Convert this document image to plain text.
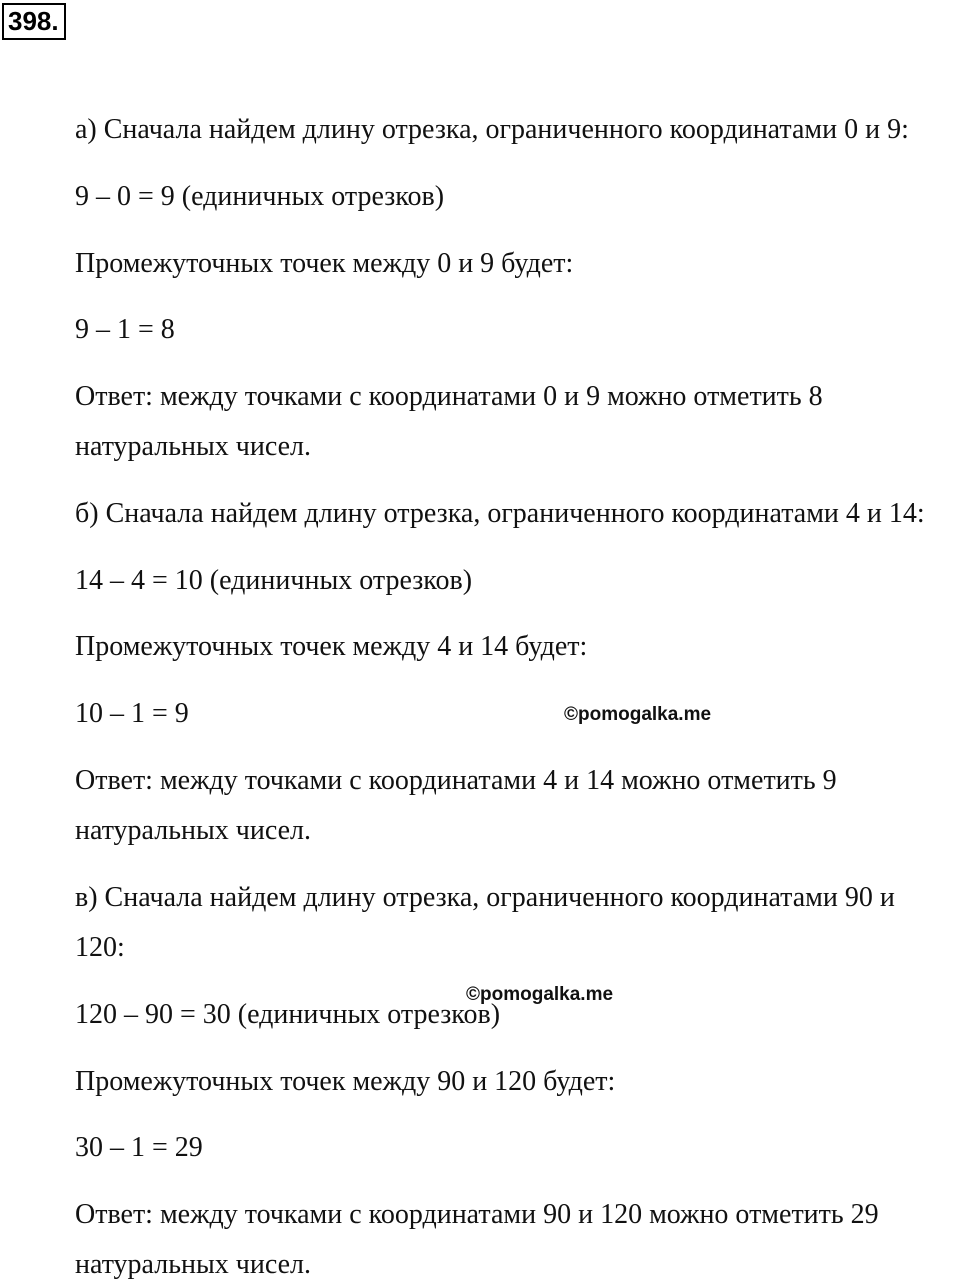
398.
а) Сначала найдем длину отрезка, ограниченного координатами 0 и 9:
9 – 0 = 9 (единичных отрезков)
Промежуточных точек между 0 и 9 будет:
9 – 1 = 8
Ответ: между точками с координатами 0 и 9 можно отметить 8
натуральных чисел.
б) Сначала найдем длину отрезка, ограниченного координатами 4 и 14:
14 – 4 = 10 (единичных отрезков)
Промежуточных точек между 4 и 14 будет:
10 – 1 = 9
Ответ: между точками с координатами 4 и 14 можно отметить 9
натуральных чисел.
в) Сначала найдем длину отрезка, ограниченного координатами 90 и
120:
120 – 90 = 30 (единичных отрезков)
Промежуточных точек между 90 и 120 будет:
30 – 1 = 29
Ответ: между точками с координатами 90 и 120 можно отметить 29
натуральных чисел.
©pomogalka.me
©pomogalka.me
